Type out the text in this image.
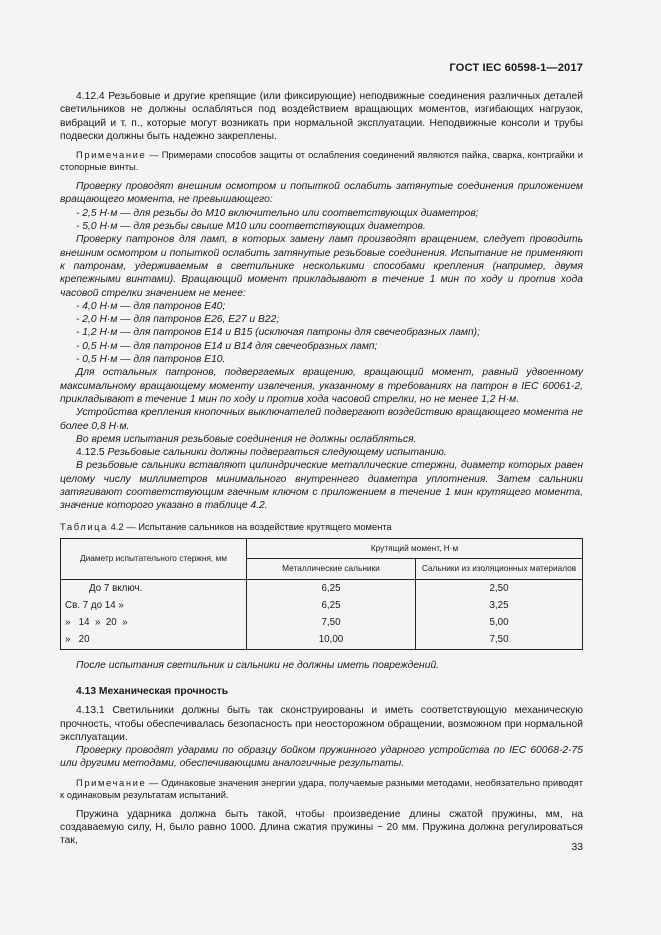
ГОСТ IEC 60598-1—2017

4.12.4 Резьбовые и другие крепящие (или фиксирующие) неподвижные соединения различных деталей светильников не должны ослабляться под воздействием вращающих моментов, изгибающих нагрузок, вибраций и т. п., которые могут возникать при нормальной эксплуатации. Неподвижные консоли и трубы подвески должны быть надежно закреплены.

Примечание — Примерами способов защиты от ослабления соединений являются пайка, сварка, контргайки и стопорные винты.

Проверку проводят внешним осмотром и попыткой ослабить затянутые соединения приложением вращающего момента, не превышающего:

- 2,5 Н·м — для резьбы до M10 включительно или соответствующих диаметров;

- 5,0 Н·м — для резьбы свыше M10 или соответствующих диаметров.

Проверку патронов для ламп, в которых замену ламп производят вращением, следует проводить внешним осмотром и попыткой ослабить затянутые резьбовые соединения. Испытание не применяют к патронам, удерживаемым в светильнике несколькими способами крепления (например, двумя крепежными винтами). Вращающий момент прикладывают в течение 1 мин по ходу и против хода часовой стрелки значением не менее:

- 4,0 Н·м — для патронов E40;

- 2,0 Н·м — для патронов E26, E27 и B22;

- 1,2 Н·м — для патронов E14 и B15 (исключая патроны для свечеобразных ламп);

- 0,5 Н·м — для патронов E14 и B14 для свечеобразных ламп;

- 0,5 Н·м — для патронов E10.

Для остальных патронов, подвергаемых вращению, вращающий момент, равный удвоенному максимальному вращающему моменту извлечения, указанному в требованиях на патрон в IEC 60061-2, прикладывают в течение 1 мин по ходу и против хода часовой стрелки, но не менее 1,2 Н·м.

Устройства крепления кнопочных выключателей подвергают воздействию вращающего момента не более 0,8 Н·м.

Во время испытания резьбовые соединения не должны ослабляться.

4.12.5 Резьбовые сальники должны подвергаться следующему испытанию.

В резьбовые сальники вставляют цилиндрические металлические стержни, диаметр которых равен целому числу миллиметров минимального внутреннего диаметра уплотнения. Затем сальники затягивают соответствующим гаечным ключом с приложением в течение 1 мин крутящего момента, значение которого указано в таблице 4.2.

Таблица 4.2 — Испытание сальников на воздействие крутящего момента
Диаметр испытательного стержня, мм	Крутящий момент, Н·м	
	Металлические сальники	Сальники из изоляционных материалов
До 7 включ.	6,25	2,50
Св. 7 до 14 »	6,25	3,25
»   14  »  20  »	7,50	5,00
»   20	10,00	7,50

После испытания светильник и сальники не должны иметь повреждений.

4.13 Механическая прочность

4.13.1 Светильники должны быть так сконструированы и иметь соответствующую механическую прочность, чтобы обеспечивалась безопасность при неосторожном обращении, возможном при нормальной эксплуатации.

Проверку проводят ударами по образцу бойком пружинного ударного устройства по IEC 60068-2-75 или другими методами, обеспечивающими аналогичные результаты.

Примечание — Одинаковые значения энергии удара, получаемые разными методами, необязательно приводят к одинаковым результатам испытаний.

Пружина ударника должна быть такой, чтобы произведение длины сжатой пружины, мм, на создаваемую силу, Н, было равно 1000. Длина сжатия пружины ~ 20 мм. Пружина должна регулироваться так,

33
